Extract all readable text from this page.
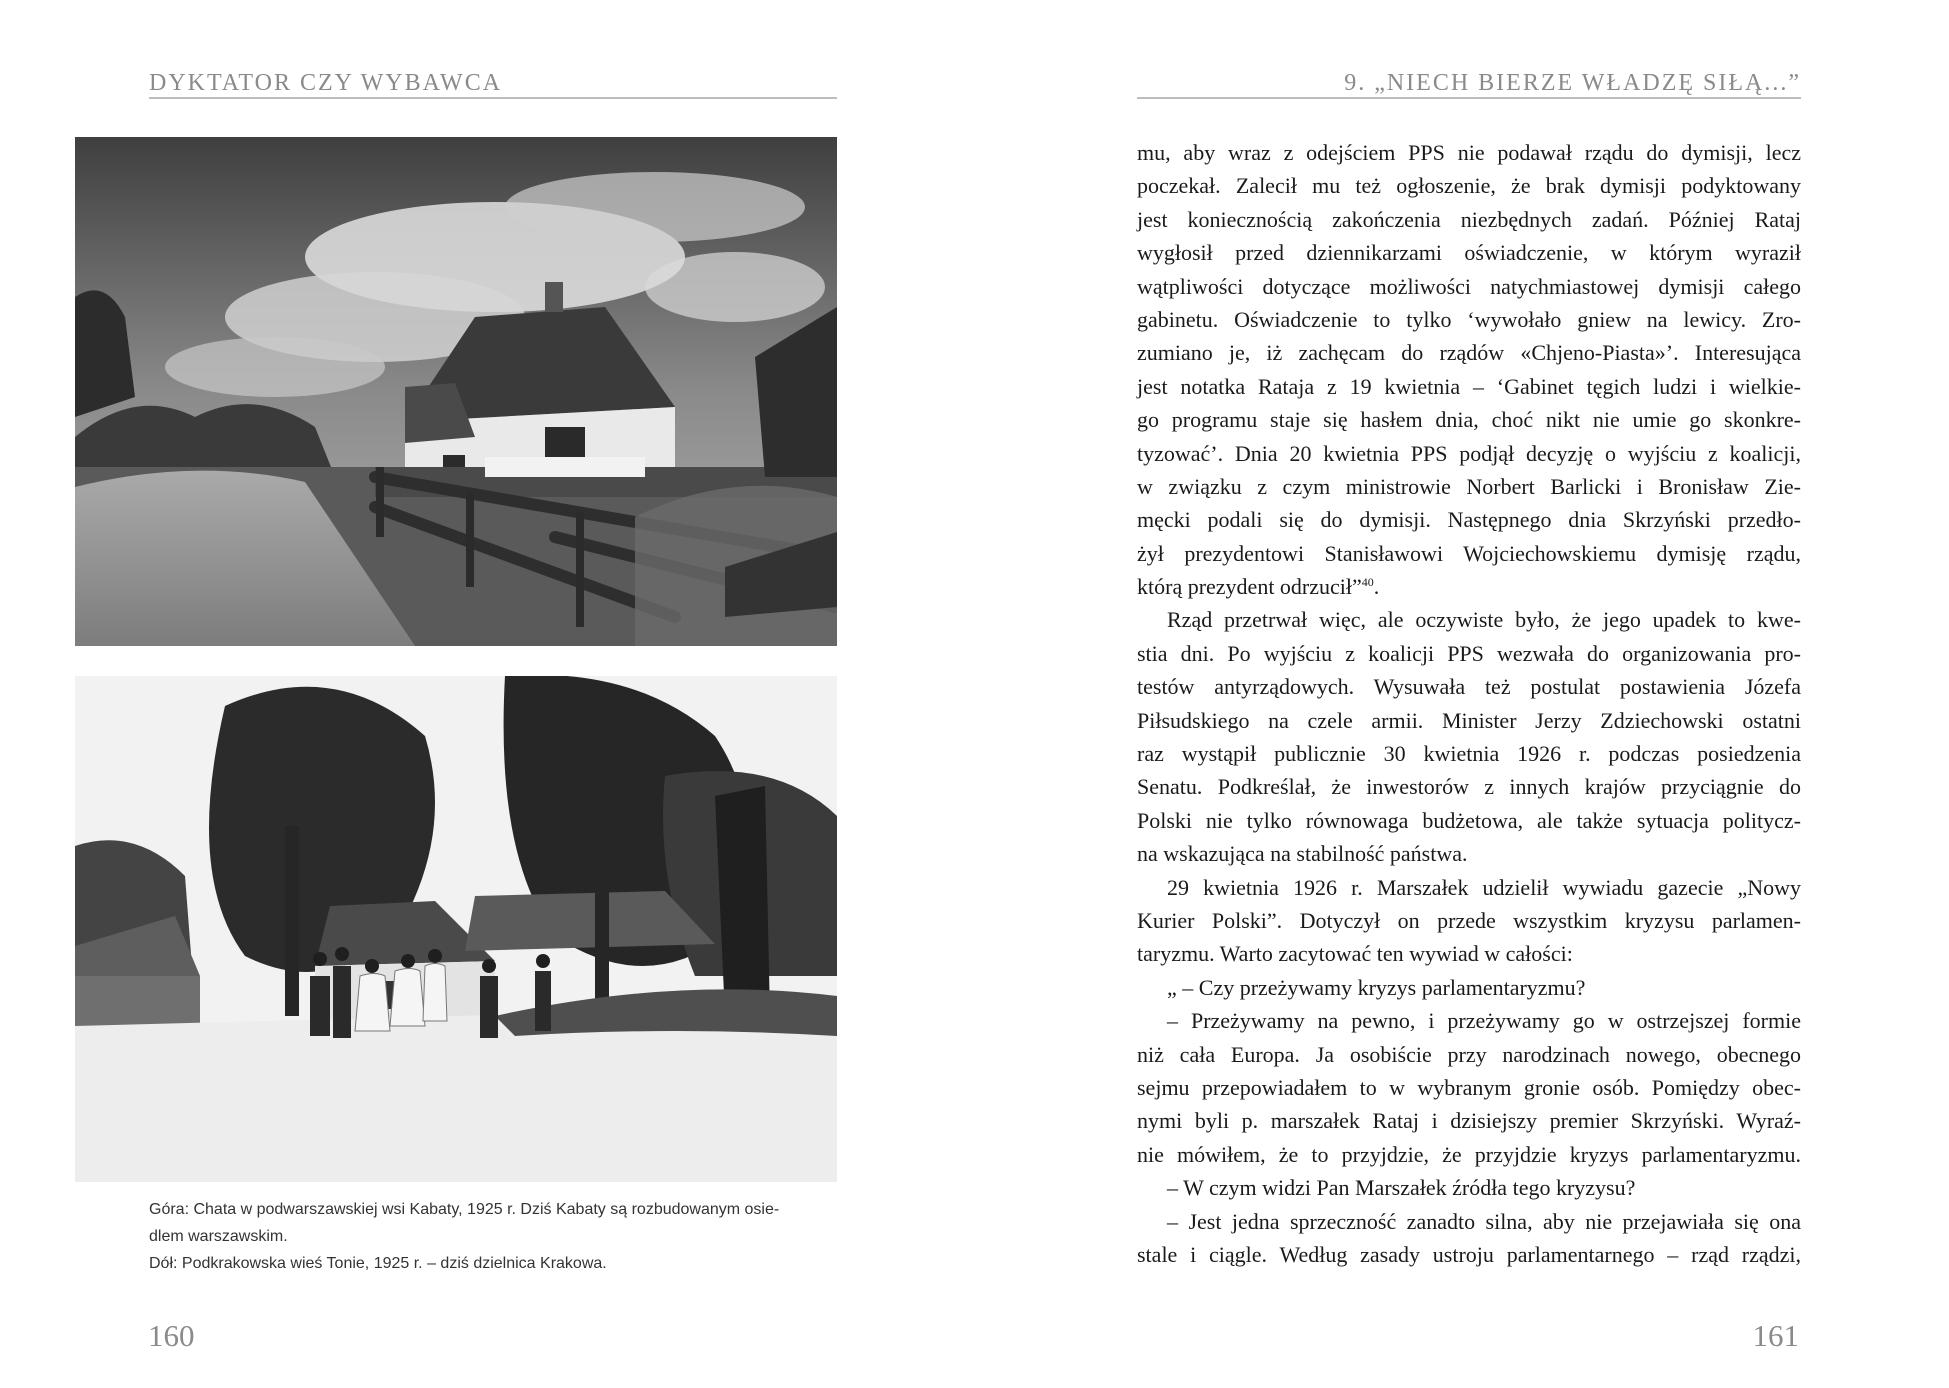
DYKTATOR CZY WYBAWCA
Góra: Chata w podwarszawskiej wsi Kabaty, 1925 r. Dziś Kabaty są rozbudowanym osie-
dlem warszawskim.
Dół: Podkrakowska wieś Tonie, 1925 r. – dziś dzielnica Krakowa.
160
9. „NIECH BIERZE WŁADZĘ SIŁĄ...”
mu, aby wraz z odejściem PPS nie podawał rządu do dymisji, lecz
poczekał. Zalecił mu też ogłoszenie, że brak dymisji podyktowany
jest koniecznością zakończenia niezbędnych zadań. Później Rataj
wygłosił przed dziennikarzami oświadczenie, w którym wyraził
wątpliwości dotyczące możliwości natychmiastowej dymisji całego
gabinetu. Oświadczenie to tylko ‘wywołało gniew na lewicy. Zro-
zumiano je, iż zachęcam do rządów «Chjeno-Piasta»’. Interesująca
jest notatka Rataja z 19 kwietnia – ‘Gabinet tęgich ludzi i wielkie-
go programu staje się hasłem dnia, choć nikt nie umie go skonkre-
tyzować’. Dnia 20 kwietnia PPS podjął decyzję o wyjściu z koalicji,
w związku z czym ministrowie Norbert Barlicki i Bronisław Zie-
męcki podali się do dymisji. Następnego dnia Skrzyński przedło-
żył prezydentowi Stanisławowi Wojciechowskiemu dymisję rządu,
którą prezydent odrzucił”$^{40}$.
Rząd przetrwał więc, ale oczywiste było, że jego upadek to kwe-
stia dni. Po wyjściu z koalicji PPS wezwała do organizowania pro-
testów antyrządowych. Wysuwała też postulat postawienia Józefa
Piłsudskiego na czele armii. Minister Jerzy Zdziechowski ostatni
raz wystąpił publicznie 30 kwietnia 1926 r. podczas posiedzenia
Senatu. Podkreślał, że inwestorów z innych krajów przyciągnie do
Polski nie tylko równowaga budżetowa, ale także sytuacja politycz-
na wskazująca na stabilność państwa.
29 kwietnia 1926 r. Marszałek udzielił wywiadu gazecie „Nowy
Kurier Polski”. Dotyczył on przede wszystkim kryzysu parlamen-
taryzmu. Warto zacytować ten wywiad w całości:
„ – Czy przeżywamy kryzys parlamentaryzmu?
– Przeżywamy na pewno, i przeżywamy go w ostrzejszej formie
niż cała Europa. Ja osobiście przy narodzinach nowego, obecnego
sejmu przepowiadałem to w wybranym gronie osób. Pomiędzy obec-
nymi byli p. marszałek Rataj i dzisiejszy premier Skrzyński. Wyraź-
nie mówiłem, że to przyjdzie, że przyjdzie kryzys parlamentaryzmu.
– W czym widzi Pan Marszałek źródła tego kryzysu?
– Jest jedna sprzeczność zanadto silna, aby nie przejawiała się ona
stale i ciągle. Według zasady ustroju parlamentarnego – rząd rządzi,
161
